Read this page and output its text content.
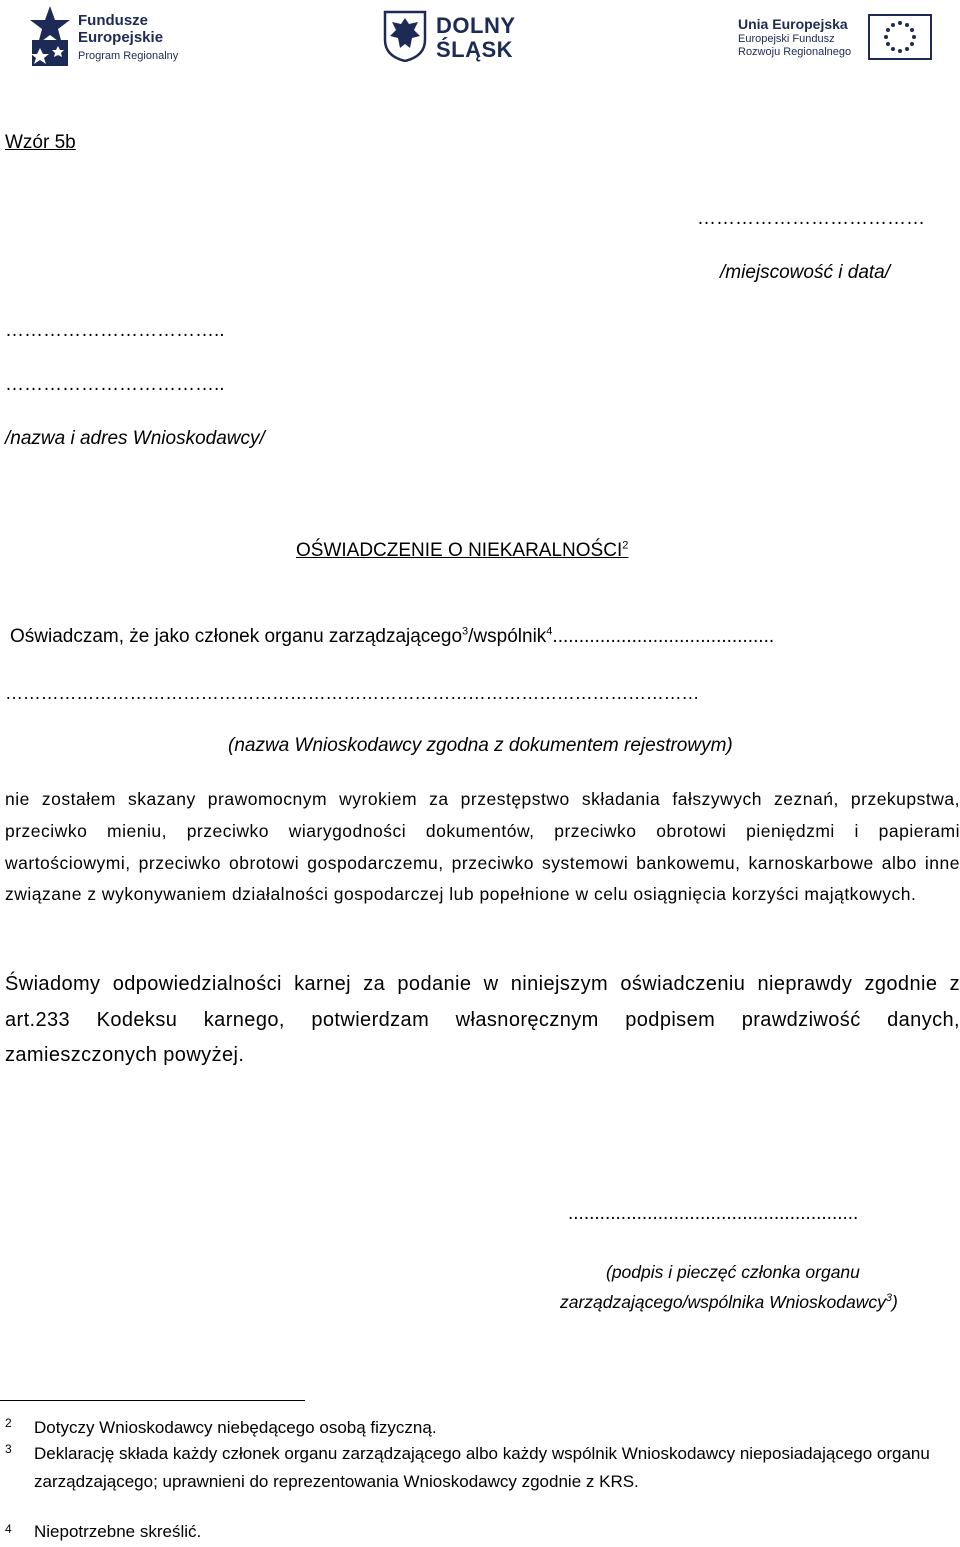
Fundusze
Europejskie
Program Regionalny
DOLNY
ŚLĄSK
Unia Europejska
Europejski Fundusz
Rozwoju Regionalnego
Wzór 5b
………………………………
/miejscowość i data/
……………………………..
……………………………..
/nazwa i adres Wnioskodawcy/
OŚWIADCZENIE O NIEKARALNOŚCI$^2$
Oświadczam, że jako członek organu zarządzającego$^3$/wspólnik$^4$..........................................
………………………………………………………………………………………………………
(nazwa Wnioskodawcy zgodna z dokumentem rejestrowym)
nie zostałem skazany prawomocnym wyrokiem za przestępstwo składania fałszywych zeznań, przekupstwa, przeciwko mieniu, przeciwko wiarygodności dokumentów, przeciwko obrotowi pieniędzmi i papierami wartościowymi, przeciwko obrotowi gospodarczemu, przeciwko systemowi bankowemu, karnoskarbowe albo inne związane z wykonywaniem działalności gospodarczej lub popełnione w celu osiągnięcia korzyści majątkowych.
Świadomy odpowiedzialności karnej za podanie w niniejszym oświadczeniu nieprawdy zgodnie z art.233 Kodeksu karnego, potwierdzam własnoręcznym podpisem prawdziwość danych, zamieszczonych powyżej.
.......................................................
(podpis i pieczęć członka organu
zarządzającego/wspólnika Wnioskodawcy$^3$)
2 Dotyczy Wnioskodawcy niebędącego osobą fizyczną.
3 Deklarację składa każdy członek organu zarządzającego albo każdy wspólnik Wnioskodawcy nieposiadającego organu zarządzającego; uprawnieni do reprezentowania Wnioskodawcy zgodnie z KRS.
4 Niepotrzebne skreślić.
